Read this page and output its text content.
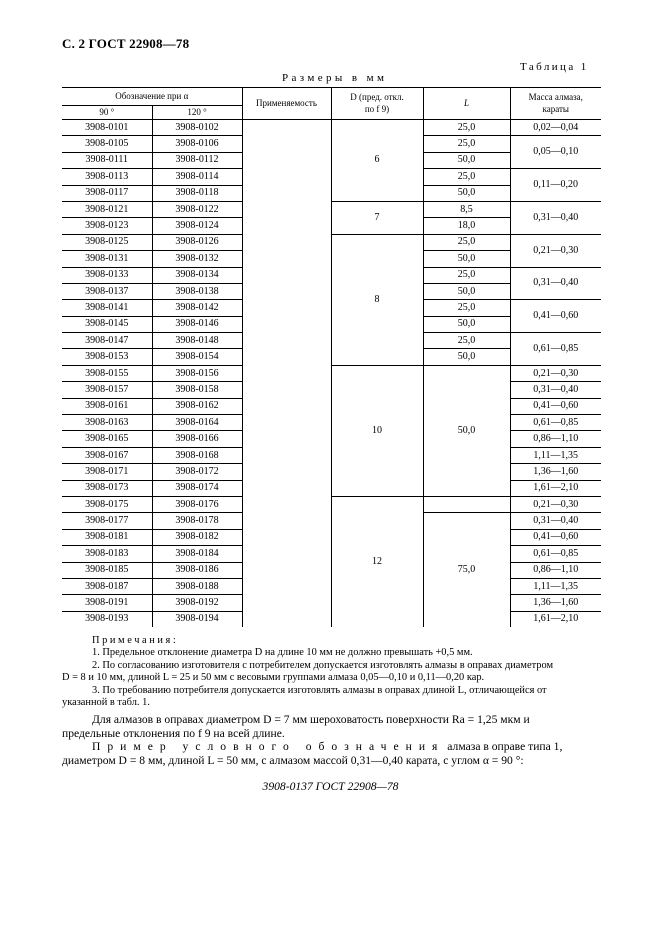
С. 2 ГОСТ 22908—78
Таблица 1
Размеры в мм
Обозначение при α		Применяемость	D (пред. откл.
по f 9)	L	Масса алмаза,
караты
90 °	120 °				
3908-0101	3908-0102		6	25,0	0,02—0,04
3908-0105	3908-0106			25,0	0,05—0,10
3908-0111	3908-0112			50,0	
3908-0113	3908-0114			25,0	0,11—0,20
3908-0117	3908-0118			50,0	
3908-0121	3908-0122		7	8,5	0,31—0,40
3908-0123	3908-0124			18,0	
3908-0125	3908-0126		8	25,0	0,21—0,30
3908-0131	3908-0132			50,0	
3908-0133	3908-0134			25,0	0,31—0,40
3908-0137	3908-0138			50,0	
3908-0141	3908-0142			25,0	0,41—0,60
3908-0145	3908-0146			50,0	
3908-0147	3908-0148			25,0	0,61—0,85
3908-0153	3908-0154			50,0	
3908-0155	3908-0156		10	50,0	0,21—0,30
3908-0157	3908-0158				0,31—0,40
3908-0161	3908-0162				0,41—0,60
3908-0163	3908-0164				0,61—0,85
3908-0165	3908-0166				0,86—1,10
3908-0167	3908-0168				1,11—1,35
3908-0171	3908-0172				1,36—1,60
3908-0173	3908-0174				1,61—2,10
3908-0175	3908-0176		12		0,21—0,30
3908-0177	3908-0178			75,0	0,31—0,40
3908-0181	3908-0182				0,41—0,60
3908-0183	3908-0184				0,61—0,85
3908-0185	3908-0186				0,86—1,10
3908-0187	3908-0188				1,11—1,35
3908-0191	3908-0192				1,36—1,60
3908-0193	3908-0194				1,61—2,10
Примечания:
1. Предельное отклонение диаметра D на длине 10 мм не должно превышать +0,5 мм.
2. По согласованию изготовителя с потребителем допускается изготовлять алмазы в оправах диаметром
D = 8 и 10 мм, длиной L = 25 и 50 мм с весовыми группами алмаза 0,05—0,10 и 0,11—0,20 кар.
3. По требованию потребителя допускается изготовлять алмазы в оправах длиной L, отличающейся от
указанной в табл. 1.
Для алмазов в оправах диаметром D = 7 мм шероховатость поверхности Ra = 1,25 мкм и
предельные отклонения по f 9 на всей длине.
Пример условного обозначения алмаза в оправе типа 1,
диаметром D = 8 мм, длиной L = 50 мм, с алмазом массой 0,31—0,40 карата, с углом α = 90 °:
3908-0137 ГОСТ 22908—78
